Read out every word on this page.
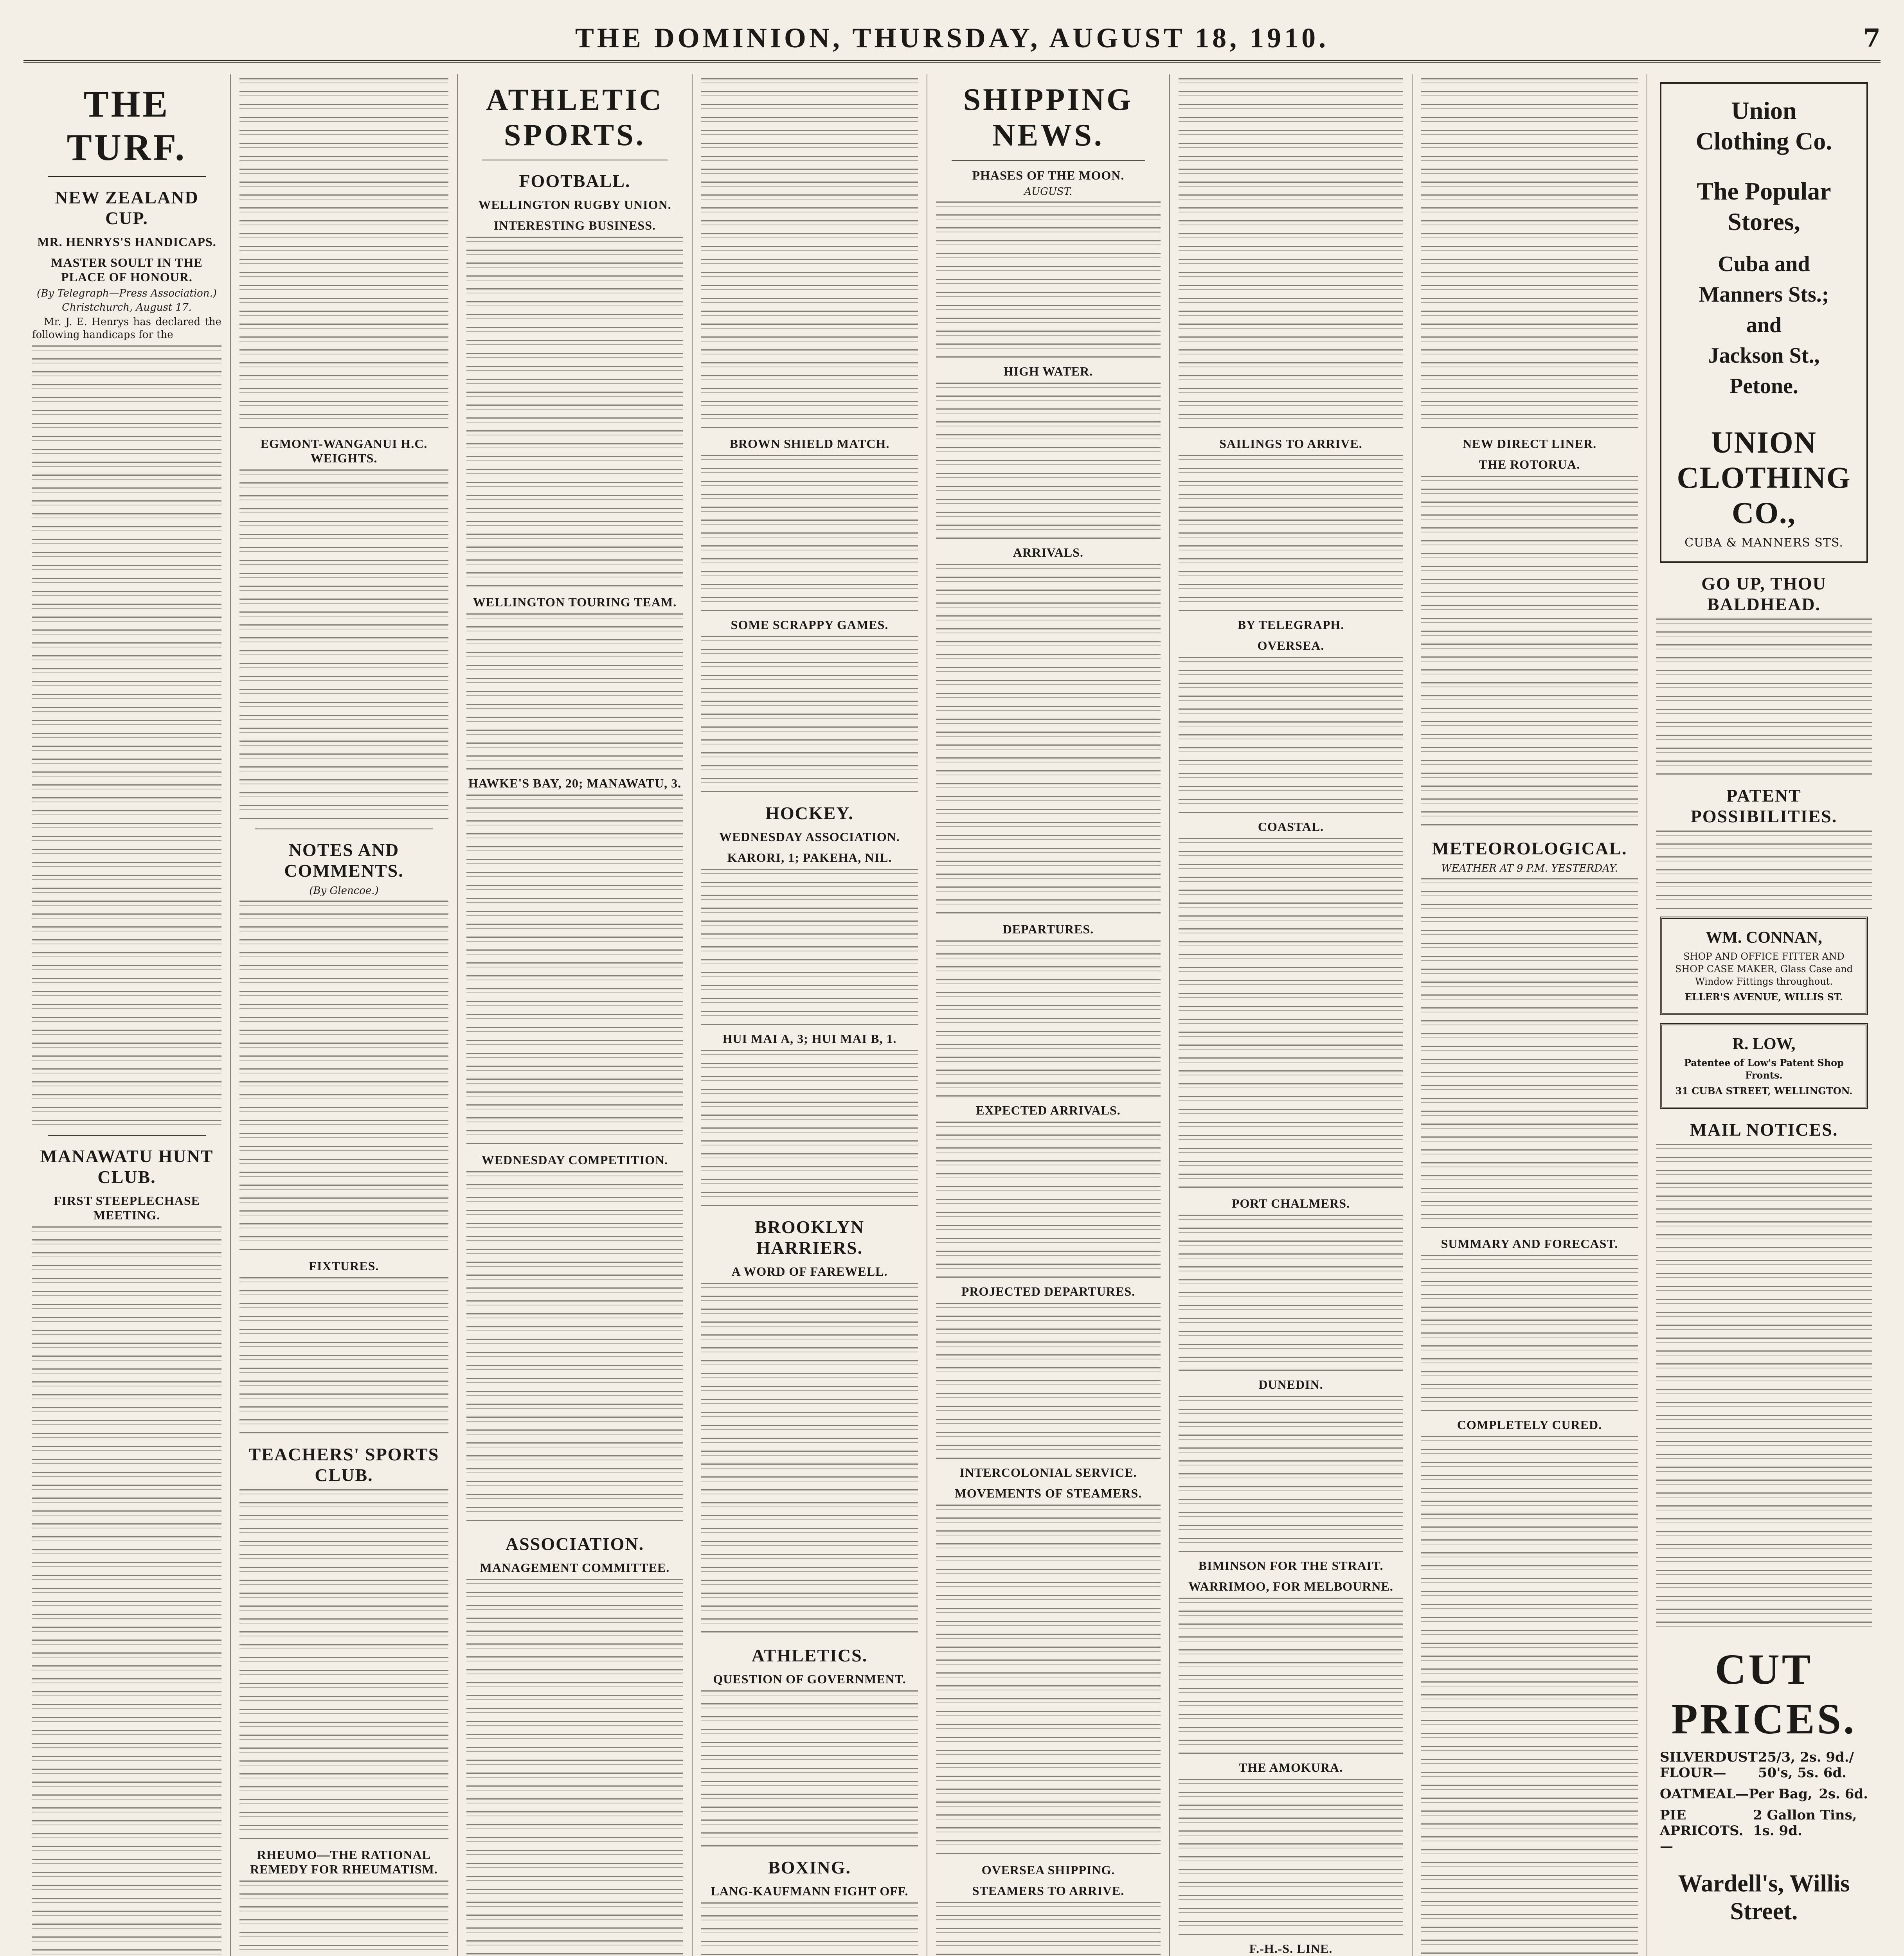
THE DOMINION, THURSDAY, AUGUST 18, 1910.	7
THE TURF.
NEW ZEALAND CUP.
MR. HENRYS'S HANDICAPS.
MASTER SOULT IN THE PLACE OF HONOUR.
(By Telegraph—Press Association.)
Christchurch, August 17.
Mr. J. E. Henrys has declared the following handicaps for the
MANAWATU HUNT CLUB.
FIRST STEEPLECHASE MEETING.
EGMONT-WANGANUI H.C. WEIGHTS.
NOTES AND COMMENTS.
(By Glencoe.)
FIXTURES.
TEACHERS' SPORTS CLUB.
RHEUMO—THE RATIONAL REMEDY FOR RHEUMATISM.
ATHLETIC SPORTS.
FOOTBALL.
WELLINGTON RUGBY UNION.
INTERESTING BUSINESS.
WELLINGTON TOURING TEAM.
HAWKE'S BAY, 20; MANAWATU, 3.
WEDNESDAY COMPETITION.
ASSOCIATION.
MANAGEMENT COMMITTEE.
BROWN SHIELD MATCH.
SOME SCRAPPY GAMES.
HOCKEY.
WEDNESDAY ASSOCIATION.
KARORI, 1; PAKEHA, NIL.
HUI MAI A, 3; HUI MAI B, 1.
BROOKLYN HARRIERS.
A WORD OF FAREWELL.
ATHLETICS.
QUESTION OF GOVERNMENT.
BOXING.
LANG-KAUFMANN FIGHT OFF.
SHIPPING NEWS.
PHASES OF THE MOON.
AUGUST.
HIGH WATER.
ARRIVALS.
DEPARTURES.
EXPECTED ARRIVALS.
PROJECTED DEPARTURES.
INTERCOLONIAL SERVICE.
MOVEMENTS OF STEAMERS.
OVERSEA SHIPPING.
STEAMERS TO ARRIVE.
SAILINGS TO ARRIVE.
BY TELEGRAPH.
OVERSEA.
COASTAL.
PORT CHALMERS.
DUNEDIN.
BIMINSON FOR THE STRAIT.
WARRIMOO, FOR MELBOURNE.
THE AMOKURA.
F.-H.-S. LINE.
NEW DIRECT LINER.
THE ROTORUA.
METEOROLOGICAL.
WEATHER AT 9 P.M. YESTERDAY.
SUMMARY AND FORECAST.
COMPLETELY CURED.
Union
Clothing Co.
The Popular
Stores,
Cuba and
Manners Sts.;
and
Jackson St.,
Petone.
UNION CLOTHING CO.,
CUBA & MANNERS STS.
GO UP, THOU BALDHEAD.
PATENT POSSIBILITIES.
WM. CONNAN,
SHOP AND OFFICE FITTER AND SHOP CASE MAKER, Glass Case and Window Fittings throughout.
ELLER'S AVENUE, WILLIS ST.
R. LOW,
Patentee of Low's Patent Shop Fronts.
31 CUBA STREET, WELLINGTON.
MAIL NOTICES.
CUT PRICES.
SILVERDUST FLOUR—
25/3, 2s. 9d./ 50's, 5s. 6d.
OATMEAL—Per Bag, 2s. 6d.
PIE APRICOTS.—
2 Gallon Tins, 1s. 9d.
Wardell's, Willis Street.
